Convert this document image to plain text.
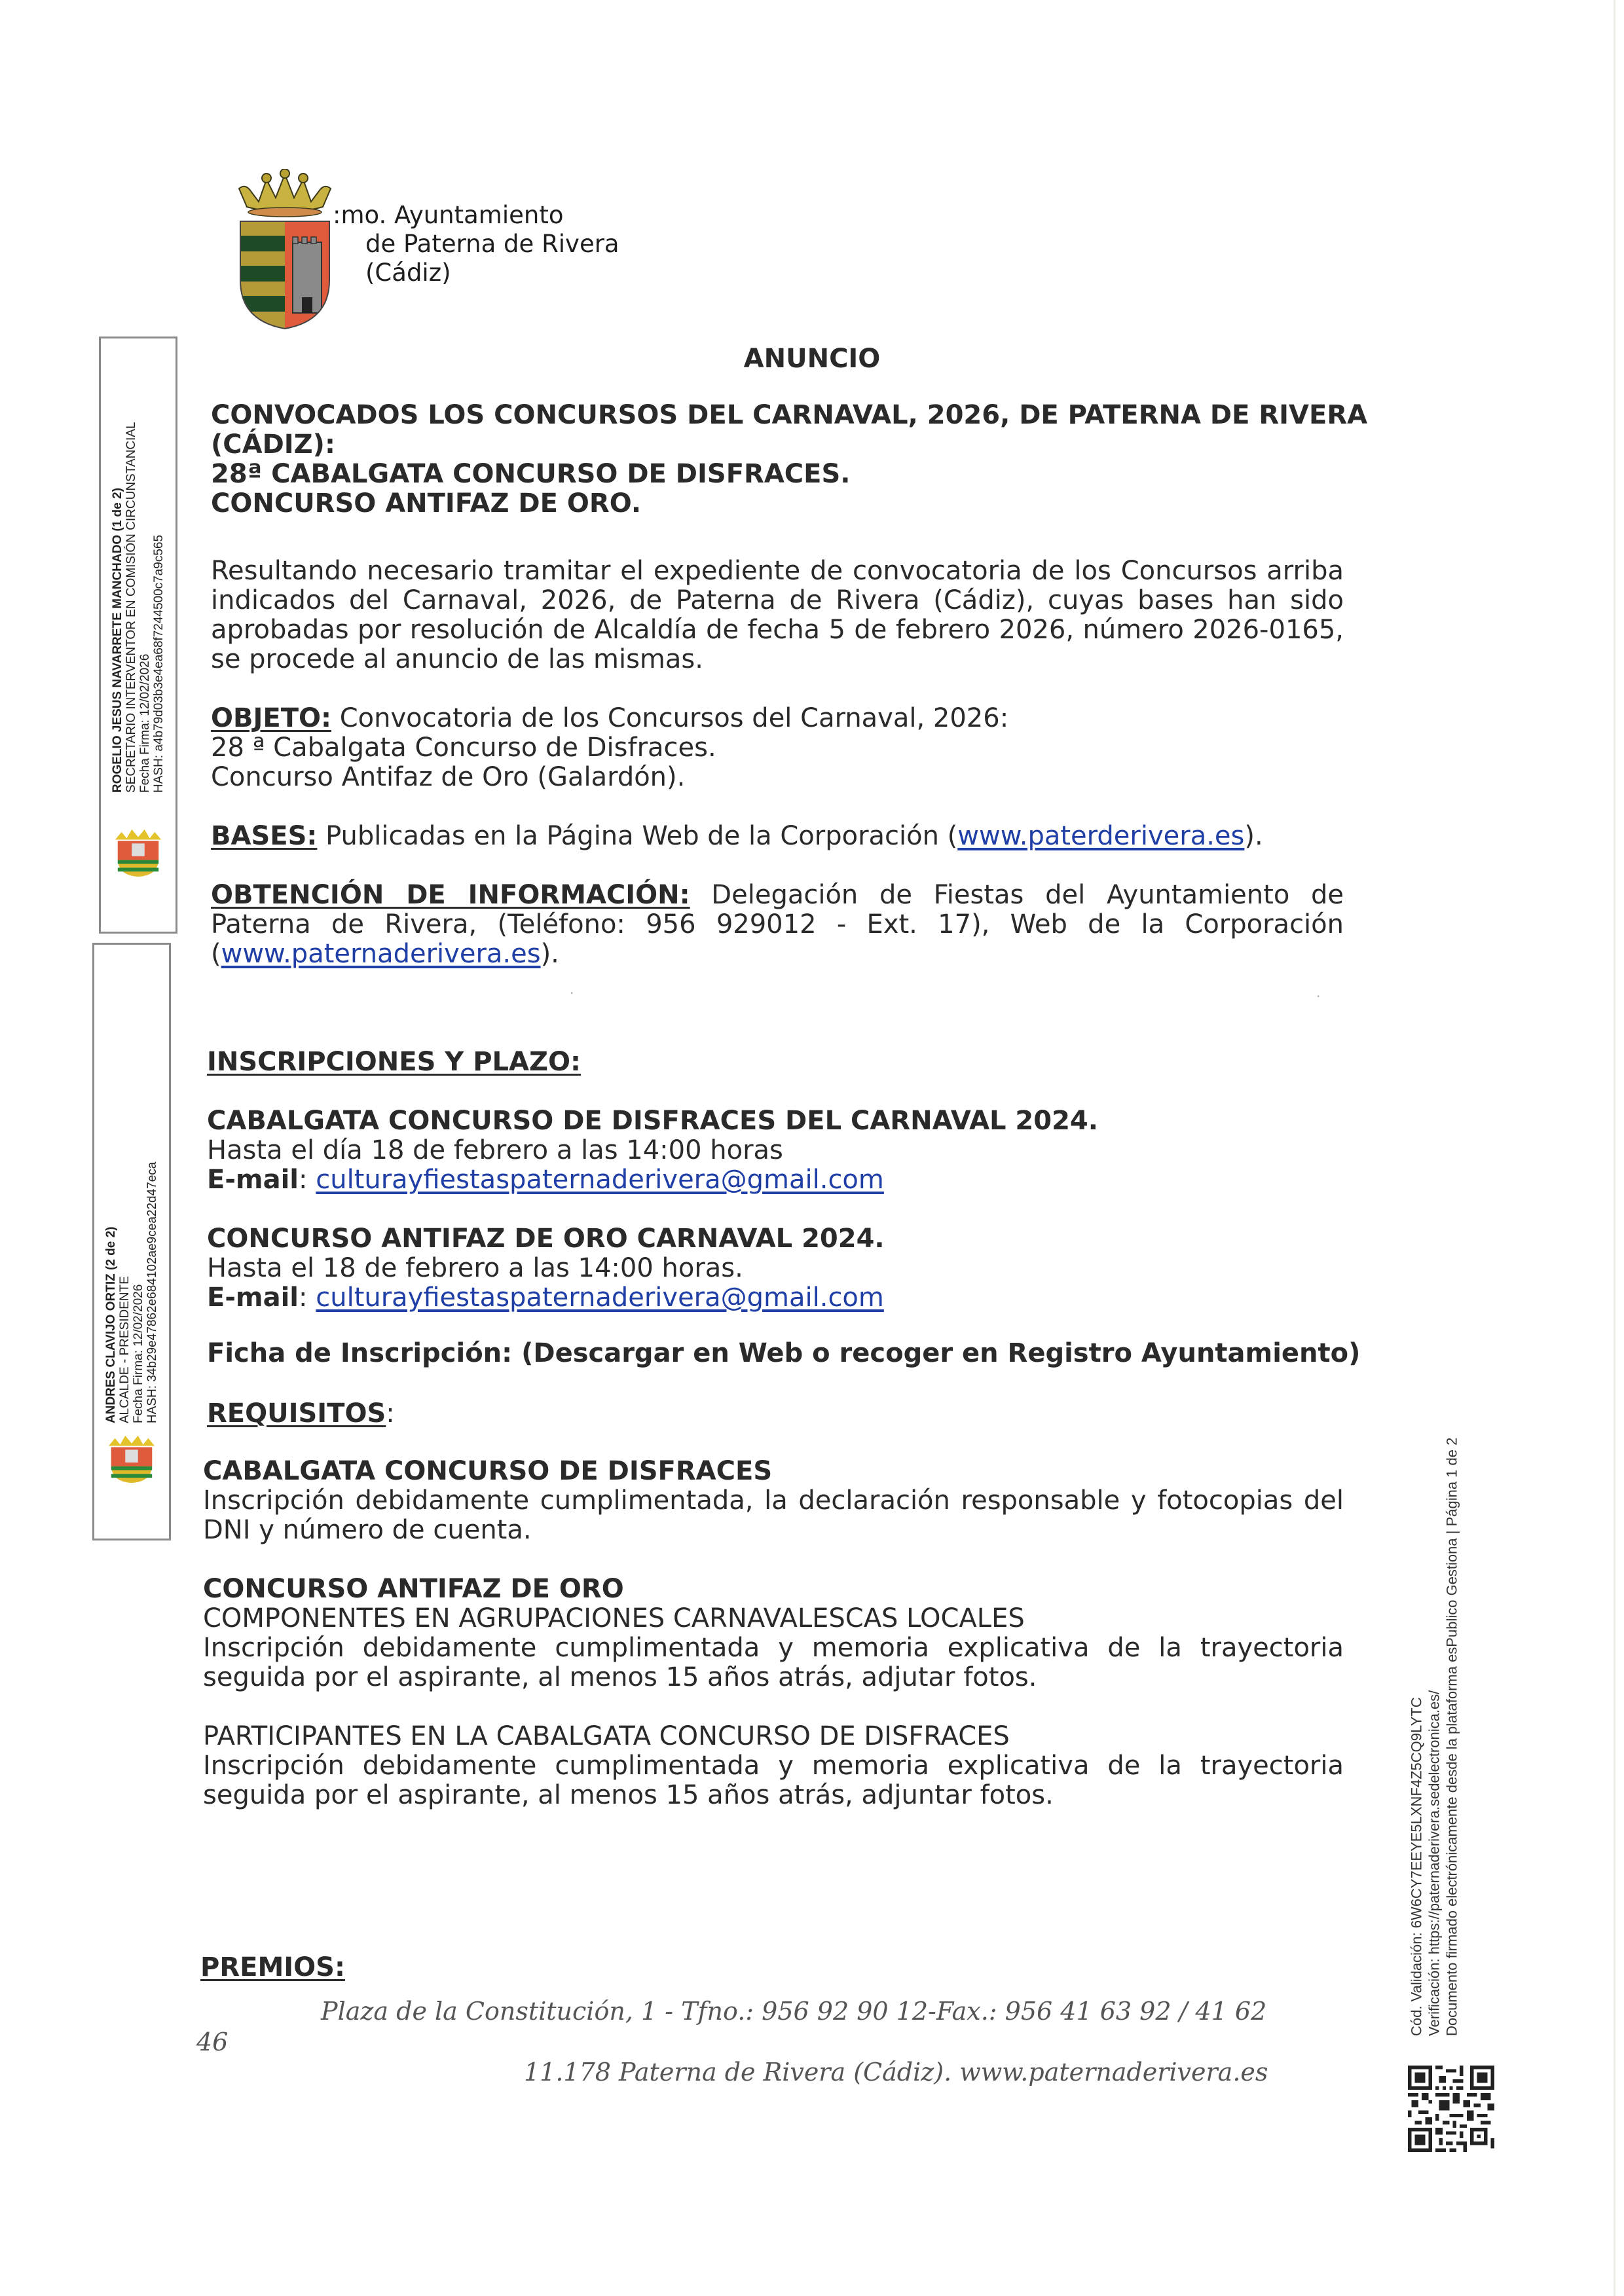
:mo. Ayuntamiento
de Paterna de Rivera
(Cádiz)
ANUNCIO

CONVOCADOS LOS CONCURSOS DEL CARNAVAL, 2026, DE PATERNA DE RIVERA

(CÁDIZ):

28ª CABALGATA CONCURSO DE DISFRACES.

CONCURSO ANTIFAZ DE ORO.

Resultando necesario tramitar el expediente de convocatoria de los Concursos arriba indicados del Carnaval, 2026, de Paterna de Rivera (Cádiz), cuyas bases han sido aprobadas por resolución de Alcaldía de fecha 5 de febrero 2026, número 2026-0165, se procede al anuncio de las mismas.

OBJETO: Convocatoria de los Concursos del Carnaval, 2026:

28 ª Cabalgata Concurso de Disfraces.

Concurso Antifaz de Oro (Galardón).

BASES: Publicadas en la Página Web de la Corporación (www.paterderivera.es).

OBTENCIÓN DE INFORMACIÓN: Delegación de Fiestas del Ayuntamiento de Paterna de Rivera, (Teléfono: 956 929012 - Ext. 17), Web de la Corporación (www.paternaderivera.es).

·	·

INSCRIPCIONES Y PLAZO:

CABALGATA CONCURSO DE DISFRACES DEL CARNAVAL 2024.

Hasta el día 18 de febrero a las 14:00 horas

E-mail: culturayfiestaspaternaderivera@gmail.com

CONCURSO ANTIFAZ DE ORO CARNAVAL 2024.

Hasta el 18 de febrero a las 14:00 horas.

E-mail: culturayfiestaspaternaderivera@gmail.com

Ficha de Inscripción: (Descargar en Web o recoger en Registro Ayuntamiento)

REQUISITOS:

CABALGATA CONCURSO DE DISFRACES

Inscripción debidamente cumplimentada, la declaración responsable y fotocopias del DNI y número de cuenta.

CONCURSO ANTIFAZ DE ORO

COMPONENTES EN AGRUPACIONES CARNAVALESCAS LOCALES

Inscripción debidamente cumplimentada y memoria explicativa de la trayectoria seguida por el aspirante, al menos 15 años atrás, adjutar fotos.

PARTICIPANTES EN LA CABALGATA CONCURSO DE DISFRACES

Inscripción debidamente cumplimentada y memoria explicativa de la trayectoria seguida por el aspirante, al menos 15 años atrás, adjuntar fotos.

PREMIOS:

Plaza de la Constitución, 1 - Tfno.: 956 92 90 12-Fax.: 956 41 63 92 / 41 62
46
11.178 Paterna de Rivera (Cádiz). www.paternaderivera.es
ROGELIO JESUS NAVARRETE MANCHADO (1 de 2) SECRETARIO INTERVENTOR EN COMISIÓN CIRCUNSTANCIAL Fecha Firma: 12/02/2026 HASH: a4b79d03b3e4ea68f7244500c7a9c565
ANDRES CLAVIJO ORTIZ (2 de 2) ALCALDE - PRESIDENTE Fecha Firma: 12/02/2026 HASH: 34b29e47862e684102ae9cea22d47eca
Cód. Validación: 6W6CY7EEYE5LXNF4Z5CQ9LYTC Verificación: https://paternaderivera.sedelectronica.es/ Documento firmado electrónicamente desde la plataforma esPublico Gestiona | Página 1 de 2
